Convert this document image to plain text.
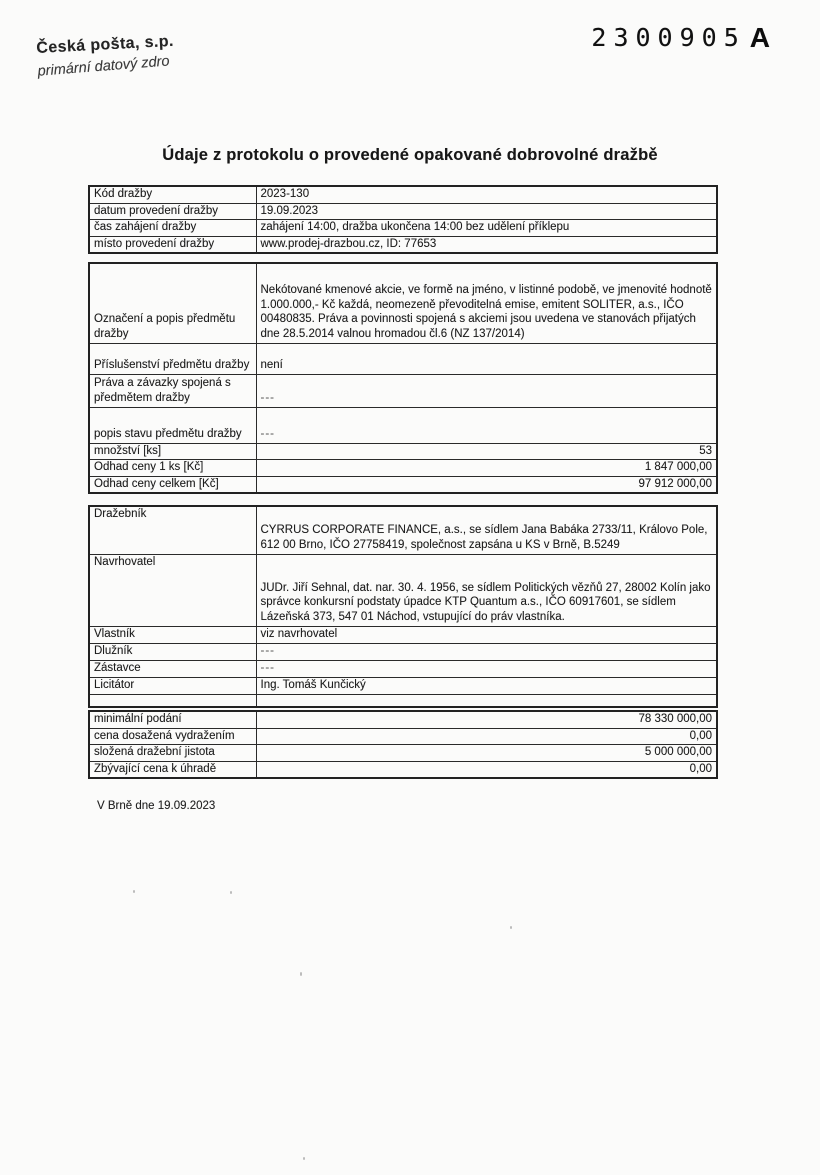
Česká pošta, s.p.
primární datový zdro
2300905 A
Údaje z protokolu o provedené opakované dobrovolné dražbě
Kód dražby	2023-130
datum provedení dražby	19.09.2023
čas zahájení dražby	zahájení 14:00, dražba ukončena 14:00 bez udělení příklepu
místo provedení dražby	www.prodej-drazbou.cz, ID: 77653
Označení a popis předmětu dražby	Nekótované kmenové akcie, ve formě na jméno, v listinné podobě, ve jmenovité hodnotě 1.000.000,- Kč každá, neomezeně převoditelná emise, emitent SOLITER, a.s., IČO 00480835. Práva a povinnosti spojená s akciemi jsou uvedena ve stanovách přijatých dne 28.5.2014 valnou hromadou čl.6 (NZ 137/2014)
Příslušenství předmětu dražby	není
Práva a závazky spojená s předmětem dražby	---
popis stavu předmětu dražby	---
množství [ks]	53
Odhad ceny 1 ks [Kč]	1 847 000,00
Odhad ceny celkem [Kč]	97 912 000,00
Dražebník	CYRRUS CORPORATE FINANCE, a.s., se sídlem Jana Babáka 2733/11, Královo Pole, 612 00 Brno, IČO 27758419, společnost zapsána u KS v Brně, B.5249
Navrhovatel	JUDr. Jiří Sehnal, dat. nar. 30. 4. 1956, se sídlem Politických vězňů 27, 28002 Kolín jako správce konkursní podstaty úpadce KTP Quantum a.s., IČO 60917601, se sídlem Lázeňská 373, 547 01 Náchod, vstupující do práv vlastníka.
Vlastník	viz navrhovatel
Dlužník	---
Zástavce	---
Licitátor	Ing. Tomáš Kunčický

minimální podání	78 330 000,00
cena dosažená vydražením	0,00
složená dražební jistota	5 000 000,00
Zbývající cena k úhradě	0,00
V Brně dne 19.09.2023
